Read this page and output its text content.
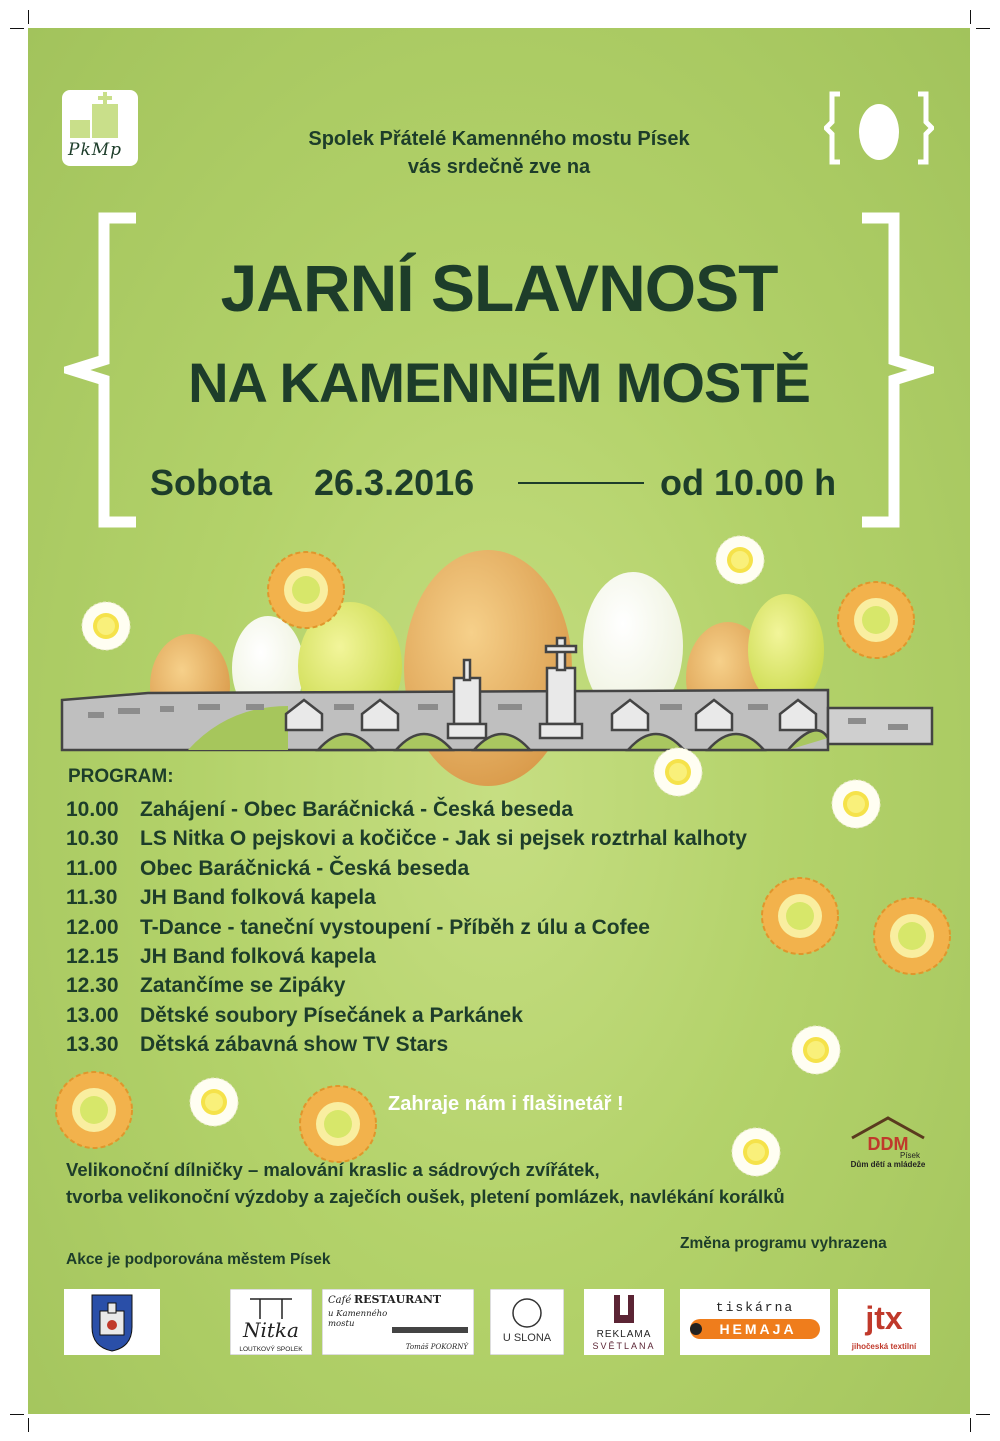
PkMp	Spolek Přátelé Kamenného mostu Písek
vás srdečně zve na
JARNÍ SLAVNOST
NA KAMENNÉM MOSTĚ
Sobota 26.3.2016	od 10.00 h
PROGRAM:
10.00 Zahájení - Obec Baráčnická - Česká beseda
10.30 LS Nitka O pejskovi a kočičce - Jak si pejsek roztrhal kalhoty
11.00 Obec Baráčnická - Česká beseda
11.30 JH Band folková kapela
12.00 T-Dance - taneční vystoupení - Příběh z úlu a Cofee
12.15 JH Band folková kapela
12.30 Zatančíme se Zipáky
13.00 Dětské soubory Písečánek a Parkánek
13.30 Dětská zábavná show TV Stars
Zahraje nám i flašinetář !
DDM
Písek
Dům dětí a mládeže
Velikonoční dílničky – malování kraslic a sádrových zvířátek,
tvorba velikonoční výzdoby a zaječích oušek, pletení pomlázek, navlékání korálků
Změna programu vyhrazena
Akce je podporována městem Písek
Nitka
LOUTKOVÝ SPOLEK
Café RESTAURANT
u Kamenného
mostu
Tomáš POKORNÝ
U SLONA	REKLAMA
SVĚTLANA
tiskárna
HEMAJA jtx
jihočeská textilní
